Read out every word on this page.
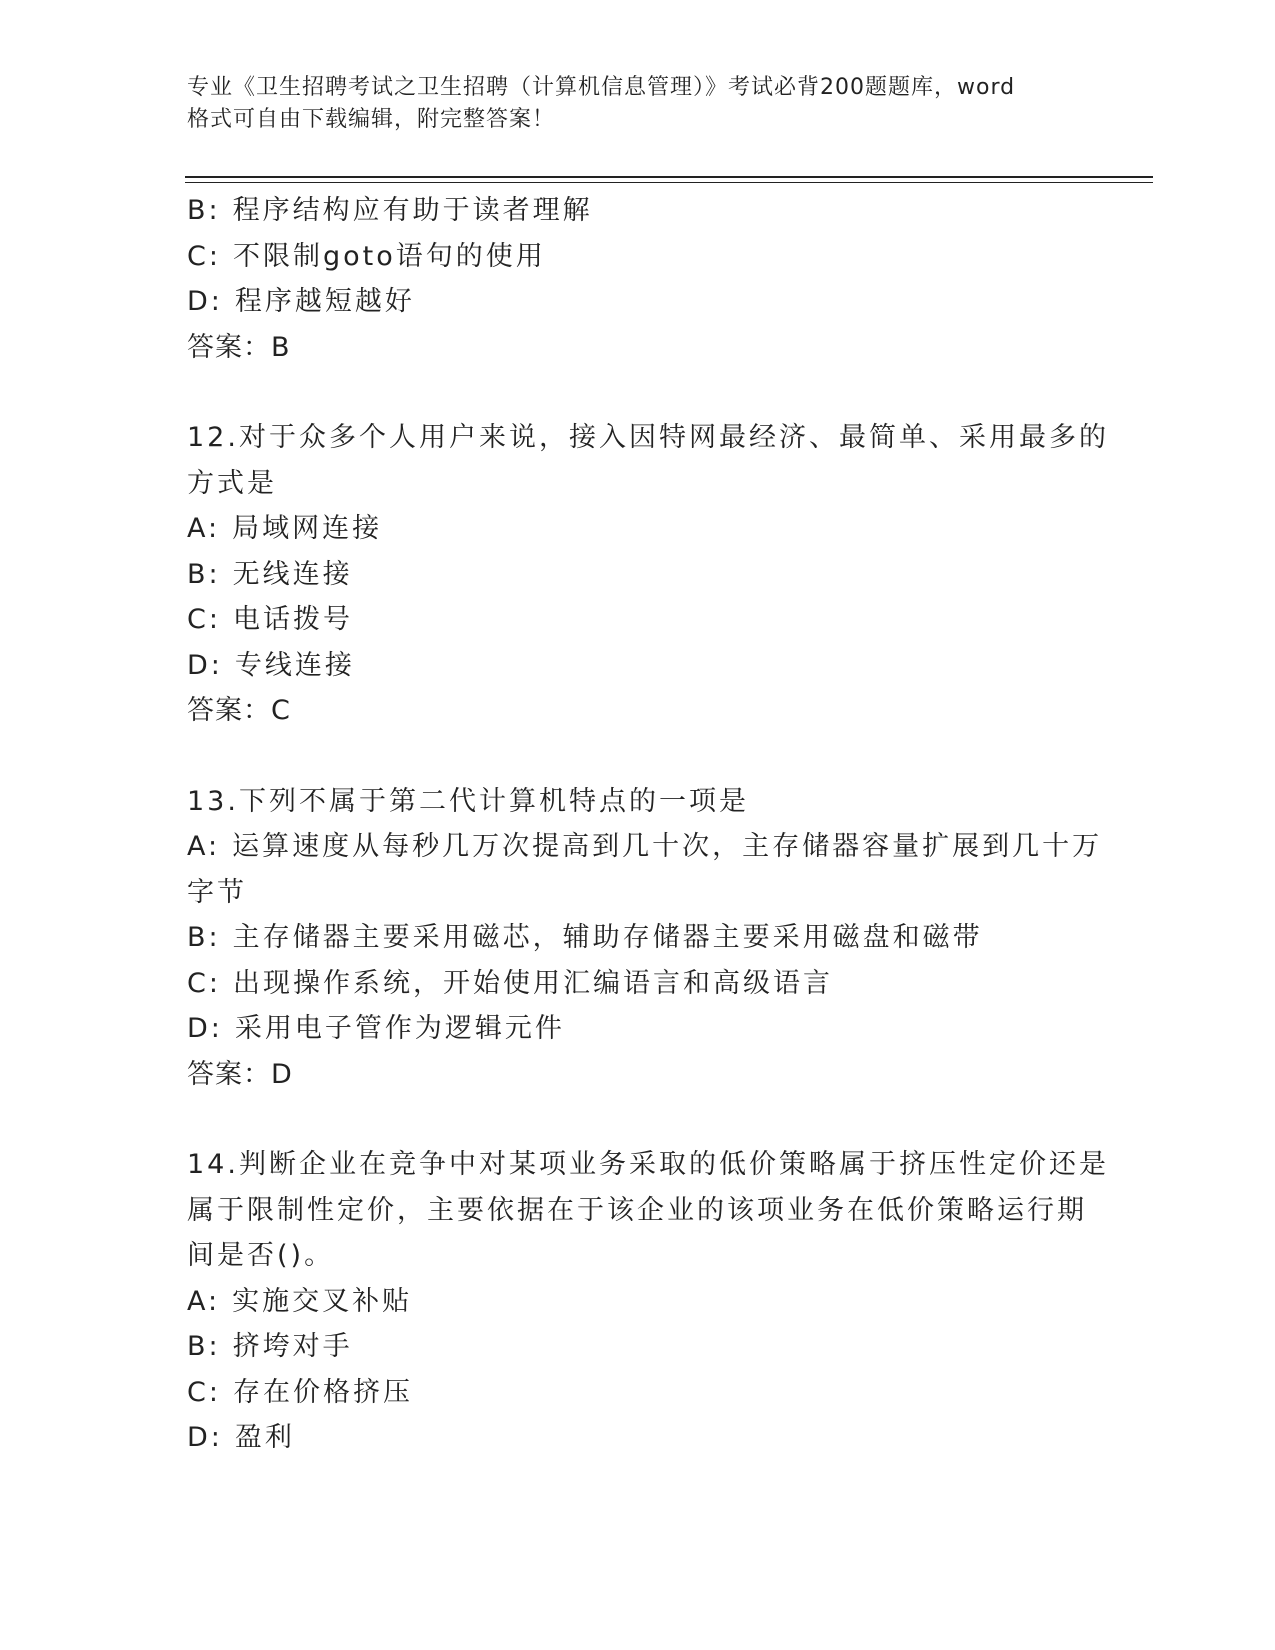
专业《卫生招聘考试之卫生招聘（计算机信息管理）》考试必背200题题库，word
格式可自由下载编辑，附完整答案！
B: 程序结构应有助于读者理解
C: 不限制goto语句的使用
D: 程序越短越好
答案：B
12.对于众多个人用户来说，接入因特网最经济、最简单、采用最多的
方式是
A: 局域网连接
B: 无线连接
C: 电话拨号
D: 专线连接
答案：C
13.下列不属于第二代计算机特点的一项是
A: 运算速度从每秒几万次提高到几十次，主存储器容量扩展到几十万
字节
B: 主存储器主要采用磁芯，辅助存储器主要采用磁盘和磁带
C: 出现操作系统，开始使用汇编语言和高级语言
D: 采用电子管作为逻辑元件
答案：D
14.判断企业在竞争中对某项业务采取的低价策略属于挤压性定价还是
属于限制性定价，主要依据在于该企业的该项业务在低价策略运行期
间是否()。
A: 实施交叉补贴
B: 挤垮对手
C: 存在价格挤压
D: 盈利
